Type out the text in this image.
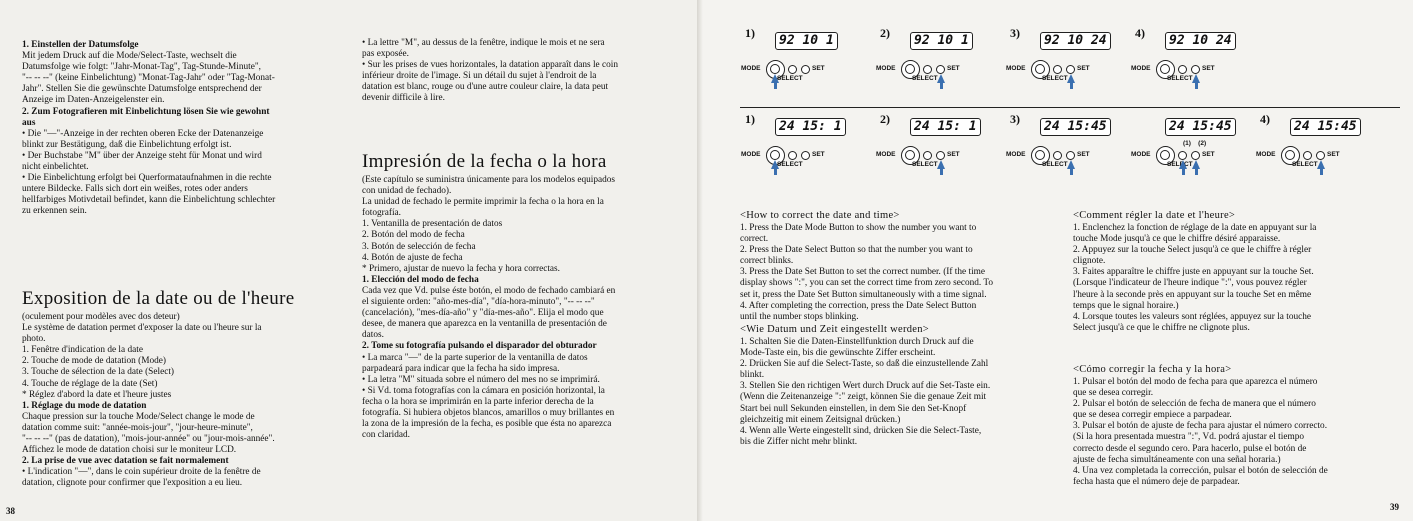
1. Einstellen der Datumsfolge

Mit jedem Druck auf die Mode/Select-Taste, wechselt die

Datumsfolge wie folgt: "Jahr-Monat-Tag", Tag-Stunde-Minute",

"-- -- --" (keine Einbelichtung) "Monat-Tag-Jahr" oder "Tag-Monat-

Jahr". Stellen Sie die gewünschte Datumsfolge entsprechend der

Anzeige im Daten-Anzeigelenster ein.

2. Zum Fotografieren mit Einbelichtung lösen Sie wie gewohnt

aus

• Die "—"-Anzeige in der rechten oberen Ecke der Datenanzeige

blinkt zur Bestätigung, daß die Einbelichtung erfolgt ist.

• Der Buchstabe "M" über der Anzeige steht für Monat und wird

nicht einbelichtet.

• Die Einbelichtung erfolgt bei Querformataufnahmen in die rechte

untere Bildecke. Falls sich dort ein weißes, rotes oder anders

hellfarbiges Motivdetail befindet, kann die Einbelichtung schlechter

zu erkennen sein.

• La lettre "M", au dessus de la fenêtre, indique le mois et ne sera

pas exposée.

• Sur les prises de vues horizontales, la datation apparaît dans le coin

inférieur droite de l'image. Si un détail du sujet à l'endroit de la

datation est blanc, rouge ou d'une autre couleur claire, la data peut

devenir difficile à lire.

Exposition de la date ou de l'heure

(oculement pour modèles avec dos deteur)

Le système de datation permet d'exposer la date ou l'heure sur la

photo.

1. Fenêtre d'indication de la date

2. Touche de mode de datation (Mode)

3. Touche de sélection de la date (Select)

4. Touche de réglage de la date (Set)

* Réglez d'abord la date et l'heure justes

1. Réglage du mode de datation

Chaque pression sur la touche Mode/Select change le mode de

datation comme suit: "année-mois-jour", "jour-heure-minute",

"-- -- --" (pas de datation), "mois-jour-année" ou "jour-mois-année".

Affichez le mode de datation choisi sur le moniteur LCD.

2. La prise de vue avec datation se fait normalement

• L'indication "—", dans le coin supérieur droite de la fenêtre de

datation, clignote pour confirmer que l'exposition a eu lieu.

Impresión de la fecha o la hora

(Este capítulo se suministra únicamente para los modelos equipados

con unidad de fechado).

La unidad de fechado le permite imprimir la fecha o la hora en la

fotografía.

1. Ventanilla de presentación de datos

2. Botón del modo de fecha

3. Botón de selección de fecha

4. Botón de ajuste de fecha

* Primero, ajustar de nuevo la fecha y hora correctas.

1. Elección del modo de fecha

Cada vez que Vd. pulse éste botón, el modo de fechado cambiará en

el siguiente orden: "año-mes-día", "día-hora-minuto", "-- -- --"

(cancelación), "mes-día-año" y "día-mes-año". Elija el modo que

desee, de manera que aparezca en la ventanilla de presentación de

datos.

2. Tome su fotografía pulsando el disparador del obturador

• La marca "—" de la parte superior de la ventanilla de datos

parpadeará para indicar que la fecha ha sido impresa.

• La letra "M" situada sobre el número del mes no se imprimirá.

• Si Vd. toma fotografías con la cámara en posición horizontal, la

fecha o la hora se imprimirán en la parte inferior derecha de la

fotografía. Si hubiera objetos blancos, amarillos o muy brillantes en

la zona de la impresión de la fecha, es posible que ésta no aparezca

con claridad.

38
1)	92 10 1
MODE	SET
SELECT
2)	92 10 1
MODE	SET
SELECT
3)	92 10 24
MODE	SET
SELECT
4)	92 10 24
MODE	SET
SELECT
1)	24 15: 1
MODE	SET
SELECT
2)	24 15: 1
MODE	SET
SELECT
3)	24 15:45
MODE	SET
SELECT
24 15:45
(1)    (2)
MODE	SET
SELECT
4)	24 15:45
MODE	SET
SELECT
<How to correct the date and time>

1. Press the Date Mode Button to show the number you want to

correct.

2. Press the Date Select Button so that the number you want to

correct blinks.

3. Press the Date Set Button to set the correct number. (If the time

display shows ":", you can set the correct time from zero second. To

set it, press the Date Set Button simultaneously with a time signal.

4. After completing the correction, press the Date Select Button

until the number stops blinking.

<Wie Datum und Zeit eingestellt werden>

1. Schalten Sie die Daten-Einstellfunktion durch Druck auf die

Mode-Taste ein, bis die gewünschte Ziffer erscheint.

2. Drücken Sie auf die Select-Taste, so daß die einzustellende Zahl

blinkt.

3. Stellen Sie den richtigen Wert durch Druck auf die Set-Taste ein.

(Wenn die Zeitenanzeige ":" zeigt, können Sie die genaue Zeit mit

Start bei null Sekunden einstellen, in dem Sie den Set-Knopf

gleichzeitig mit einem Zeitsignal drücken.)

4. Wenn alle Werte eingestellt sind, drücken Sie die Select-Taste,

bis die Ziffer nicht mehr blinkt.

<Comment régler la date et l'heure>

1. Enclenchez la fonction de réglage de la date en appuyant sur la

touche Mode jusqu'à ce que le chiffre désiré apparaisse.

2. Appuyez sur la touche Select jusqu'à ce que le chiffre à régler

clignote.

3. Faites apparaître le chiffre juste en appuyant sur la touche Set.

(Lorsque l'indicateur de l'heure indique ":", vous pouvez régler

l'heure à la seconde près en appuyant sur la touche Set en même

temps que le signal horaire.)

4. Lorsque toutes les valeurs sont réglées, appuyez sur la touche

Select jusqu'à ce que le chiffre ne clignote plus.

<Cómo corregir la fecha y la hora>

1. Pulsar el botón del modo de fecha para que aparezca el número

que se desea corregir.

2. Pulsar el botón de selección de fecha de manera que el número

que se desea corregir empiece a parpadear.

3. Pulsar el botón de ajuste de fecha para ajustar el número correcto.

(Si la hora presentada muestra ":", Vd. podrá ajustar el tiempo

correcto desde el segundo cero. Para hacerlo, pulse el botón de

ajuste de fecha simultáneamente con una señal horaria.)

4. Una vez completada la corrección, pulsar el botón de selección de

fecha hasta que el número deje de parpadear.

39
